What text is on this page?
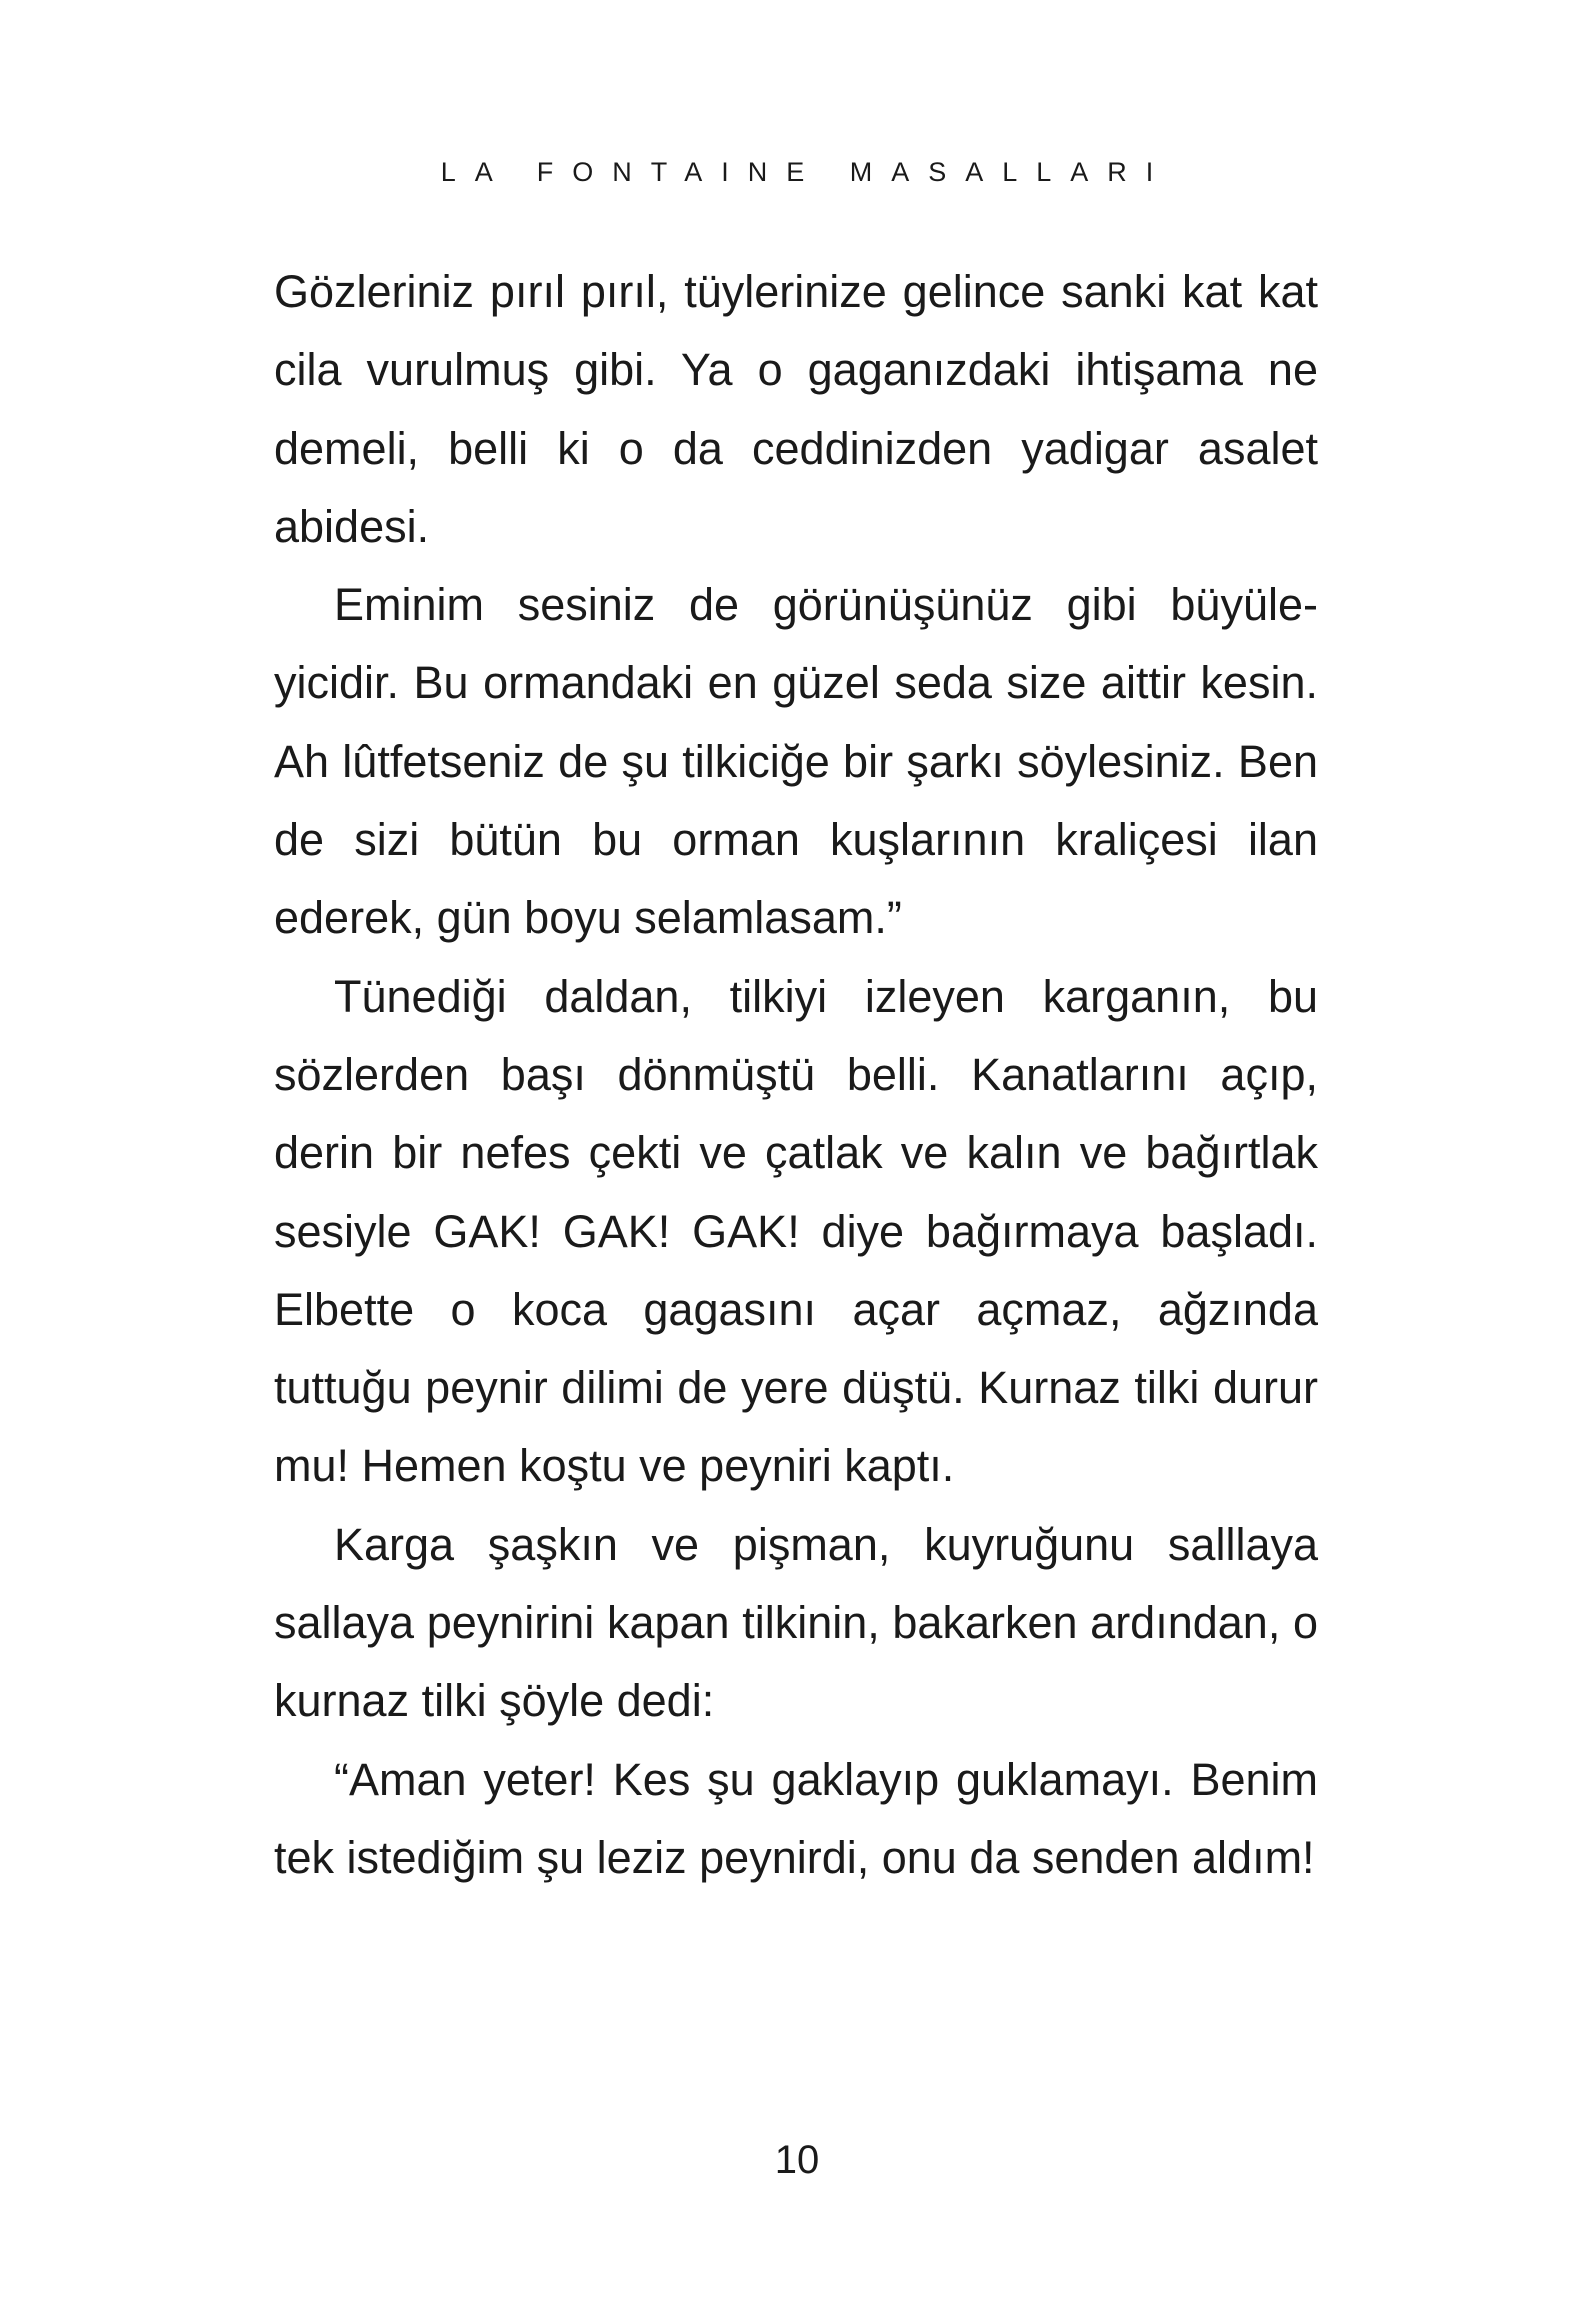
LA FONTAINE MASALLARI

Gözleriniz pırıl pırıl, tüylerinize gelince sanki kat kat cila vurulmuş gibi. Ya o gaganızdaki ihtişama ne demeli, belli ki o da ceddinizden yadigar asalet abidesi.

Eminim sesiniz de görünüşünüz gibi büyüleyicidir. Bu ormandaki en güzel seda size aittir kesin. Ah lûtfetseniz de şu tilkiciğe bir şarkı söylesiniz. Ben de sizi bütün bu orman kuşlarının kraliçesi ilan ederek, gün boyu selamlasam.”

Tünediği daldan, tilkiyi izleyen karganın, bu sözlerden başı dönmüştü belli. Kanatlarını açıp, derin bir nefes çekti ve çatlak ve kalın ve bağırtlak sesiyle GAK! GAK! GAK! diye bağırmaya başladı. Elbette o koca gagasını açar açmaz, ağzında tuttuğu peynir dilimi de yere düştü. Kurnaz tilki durur mu! Hemen koştu ve peyniri kaptı.

Karga şaşkın ve pişman, kuyruğunu salllaya sallaya peynirini kapan tilkinin, bakarken ardından, o kurnaz tilki şöyle dedi:

“Aman yeter! Kes şu gaklayıp guklamayı. Benim tek istediğim şu leziz peynirdi, onu da senden aldım!

10
